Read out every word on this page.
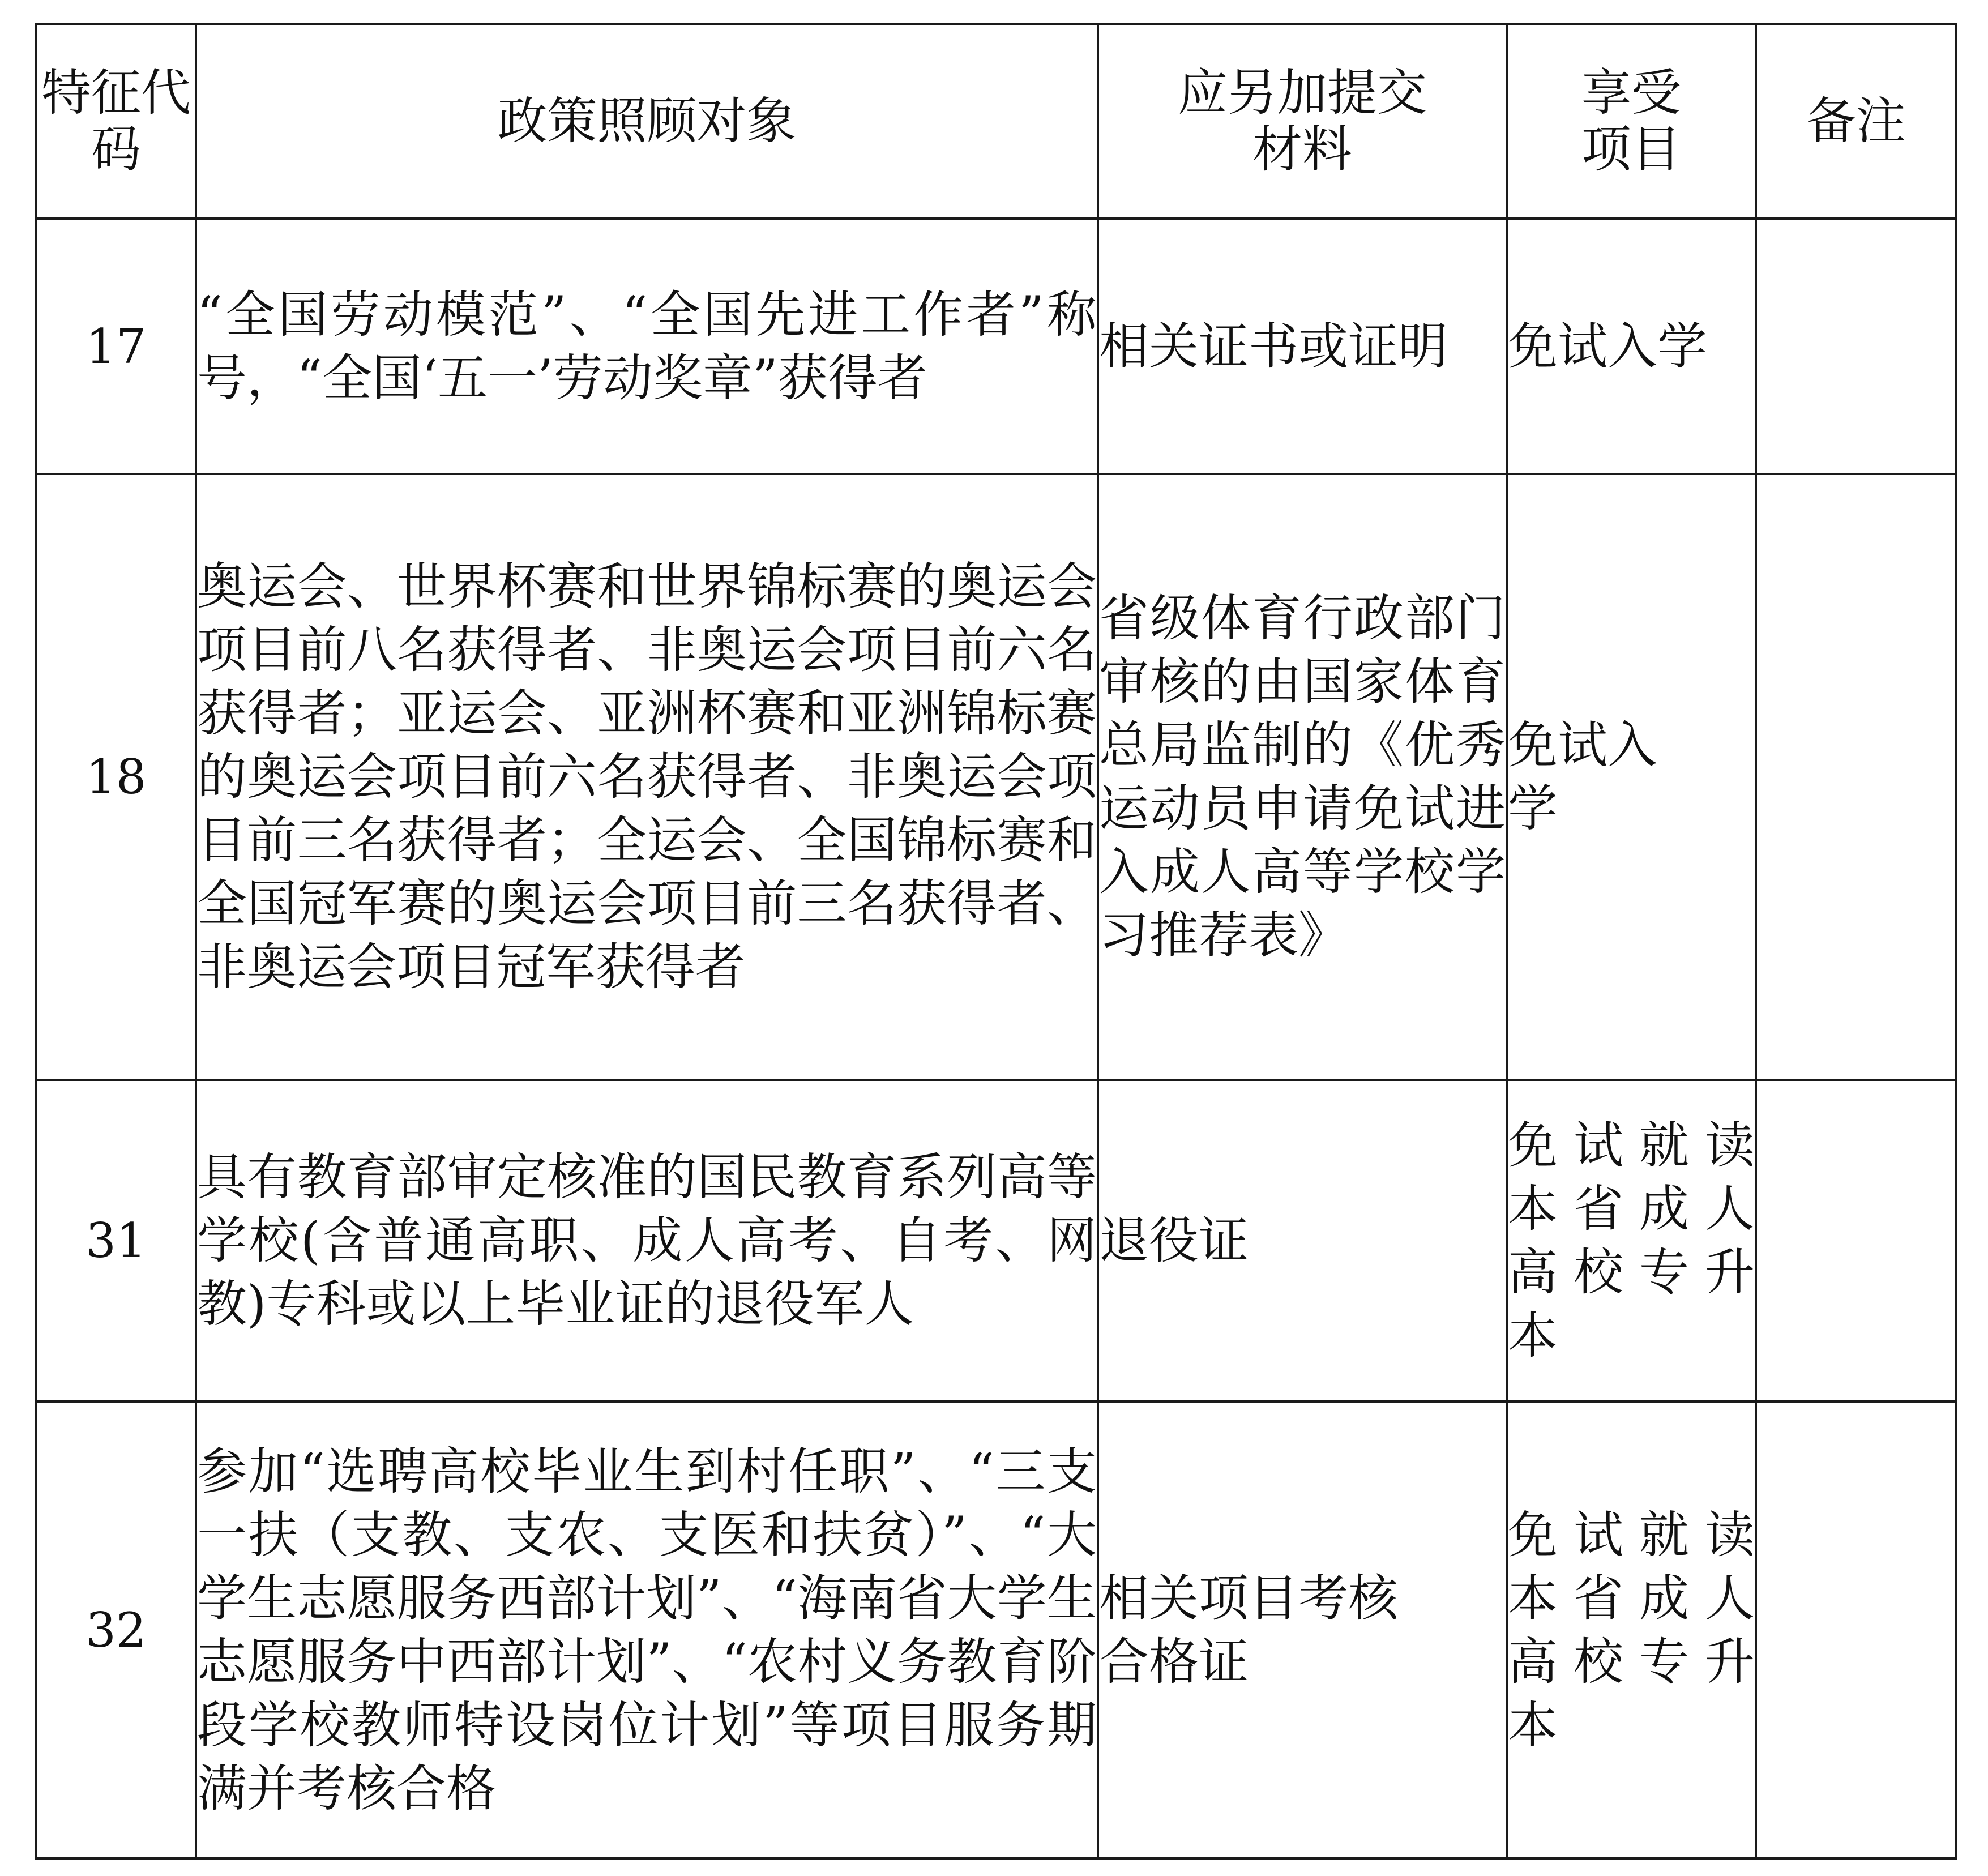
特征代码	政策照顾对象	应另加提交材料	享受项目	备注
17	“全国劳动模范”、“全国先进工作者”称号，“全国‘五一’劳动奖章”获得者	相关证书或证明	免试入学	
18	奥运会、世界杯赛和世界锦标赛的奥运会项目前八名获得者、非奥运会项目前六名获得者；亚运会、亚洲杯赛和亚洲锦标赛的奥运会项目前六名获得者、非奥运会项目前三名获得者；全运会、全国锦标赛和全国冠军赛的奥运会项目前三名获得者、非奥运会项目冠军获得者	省级体育行政部门审核的由国家体育总局监制的《优秀运动员申请免试进入成人高等学校学习推荐表》	免试入学	
31	具有教育部审定核准的国民教育系列高等学校(含普通高职、成人高考、自考、网教)专科或以上毕业证的退役军人	退役证	免试就读本省成人高校专升本	
32	参加“选聘高校毕业生到村任职”、“三支一扶（支教、支农、支医和扶贫）”、“大学生志愿服务西部计划”、“海南省大学生志愿服务中西部计划”、“农村义务教育阶段学校教师特设岗位计划”等项目服务期满并考核合格	相关项目考核合格证	免试就读本省成人高校专升本	
